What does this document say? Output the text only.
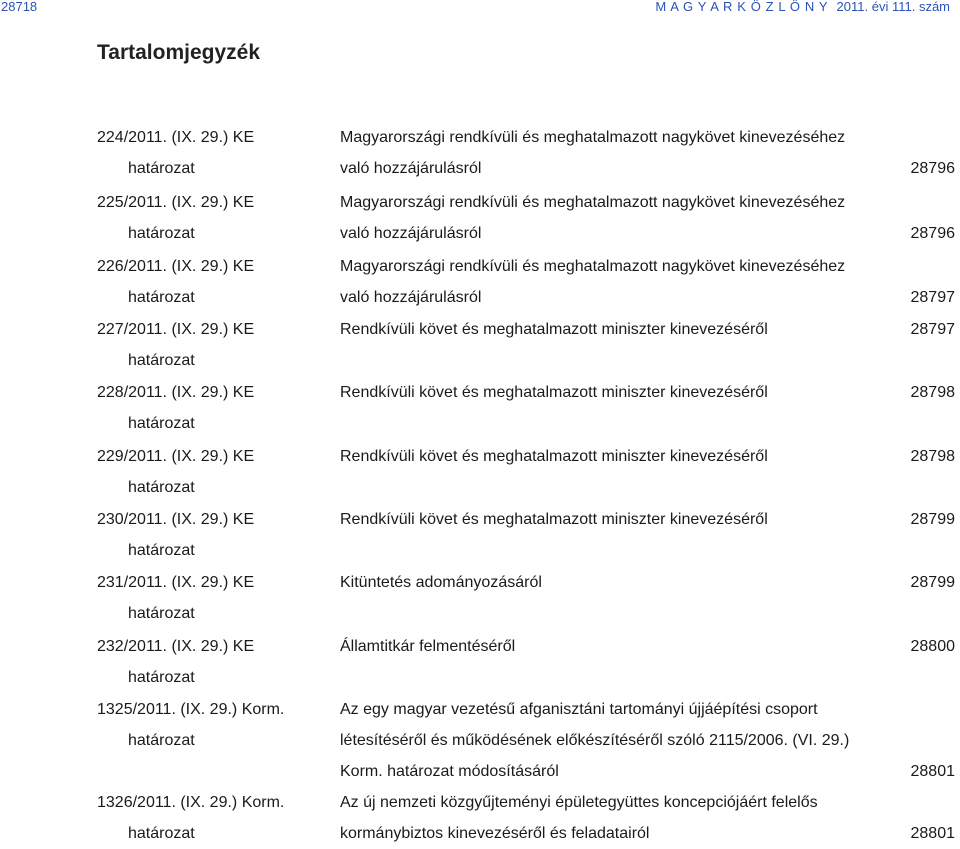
28718	M A G Y A R K Ö Z L Ö N Y 2011. évi 111. szám
Tartalomjegyzék
224/2011. (IX. 29.) KE
határozat
Magyarországi rendkívüli és meghatalmazott nagykövet kinevezéséhez
való hozzájárulásról	28796
225/2011. (IX. 29.) KE
határozat
Magyarországi rendkívüli és meghatalmazott nagykövet kinevezéséhez
való hozzájárulásról	28796
226/2011. (IX. 29.) KE
határozat
Magyarországi rendkívüli és meghatalmazott nagykövet kinevezéséhez
való hozzájárulásról	28797
227/2011. (IX. 29.) KE
határozat
Rendkívüli követ és meghatalmazott miniszter kinevezéséről	28797
228/2011. (IX. 29.) KE
határozat
Rendkívüli követ és meghatalmazott miniszter kinevezéséről	28798
229/2011. (IX. 29.) KE
határozat
Rendkívüli követ és meghatalmazott miniszter kinevezéséről	28798
230/2011. (IX. 29.) KE
határozat
Rendkívüli követ és meghatalmazott miniszter kinevezéséről	28799
231/2011. (IX. 29.) KE
határozat
Kitüntetés adományozásáról	28799
232/2011. (IX. 29.) KE
határozat
Államtitkár felmentéséről	28800
1325/2011. (IX. 29.) Korm.
határozat
Az egy magyar vezetésű afganisztáni tartományi újjáépítési csoport
létesítéséről és működésének előkészítéséről szóló 2115/2006. (VI. 29.)
Korm. határozat módosításáról	28801
1326/2011. (IX. 29.) Korm.
határozat
Az új nemzeti közgyűjteményi épületegyüttes koncepciójáért felelős
kormánybiztos kinevezéséről és feladatairól	28801
